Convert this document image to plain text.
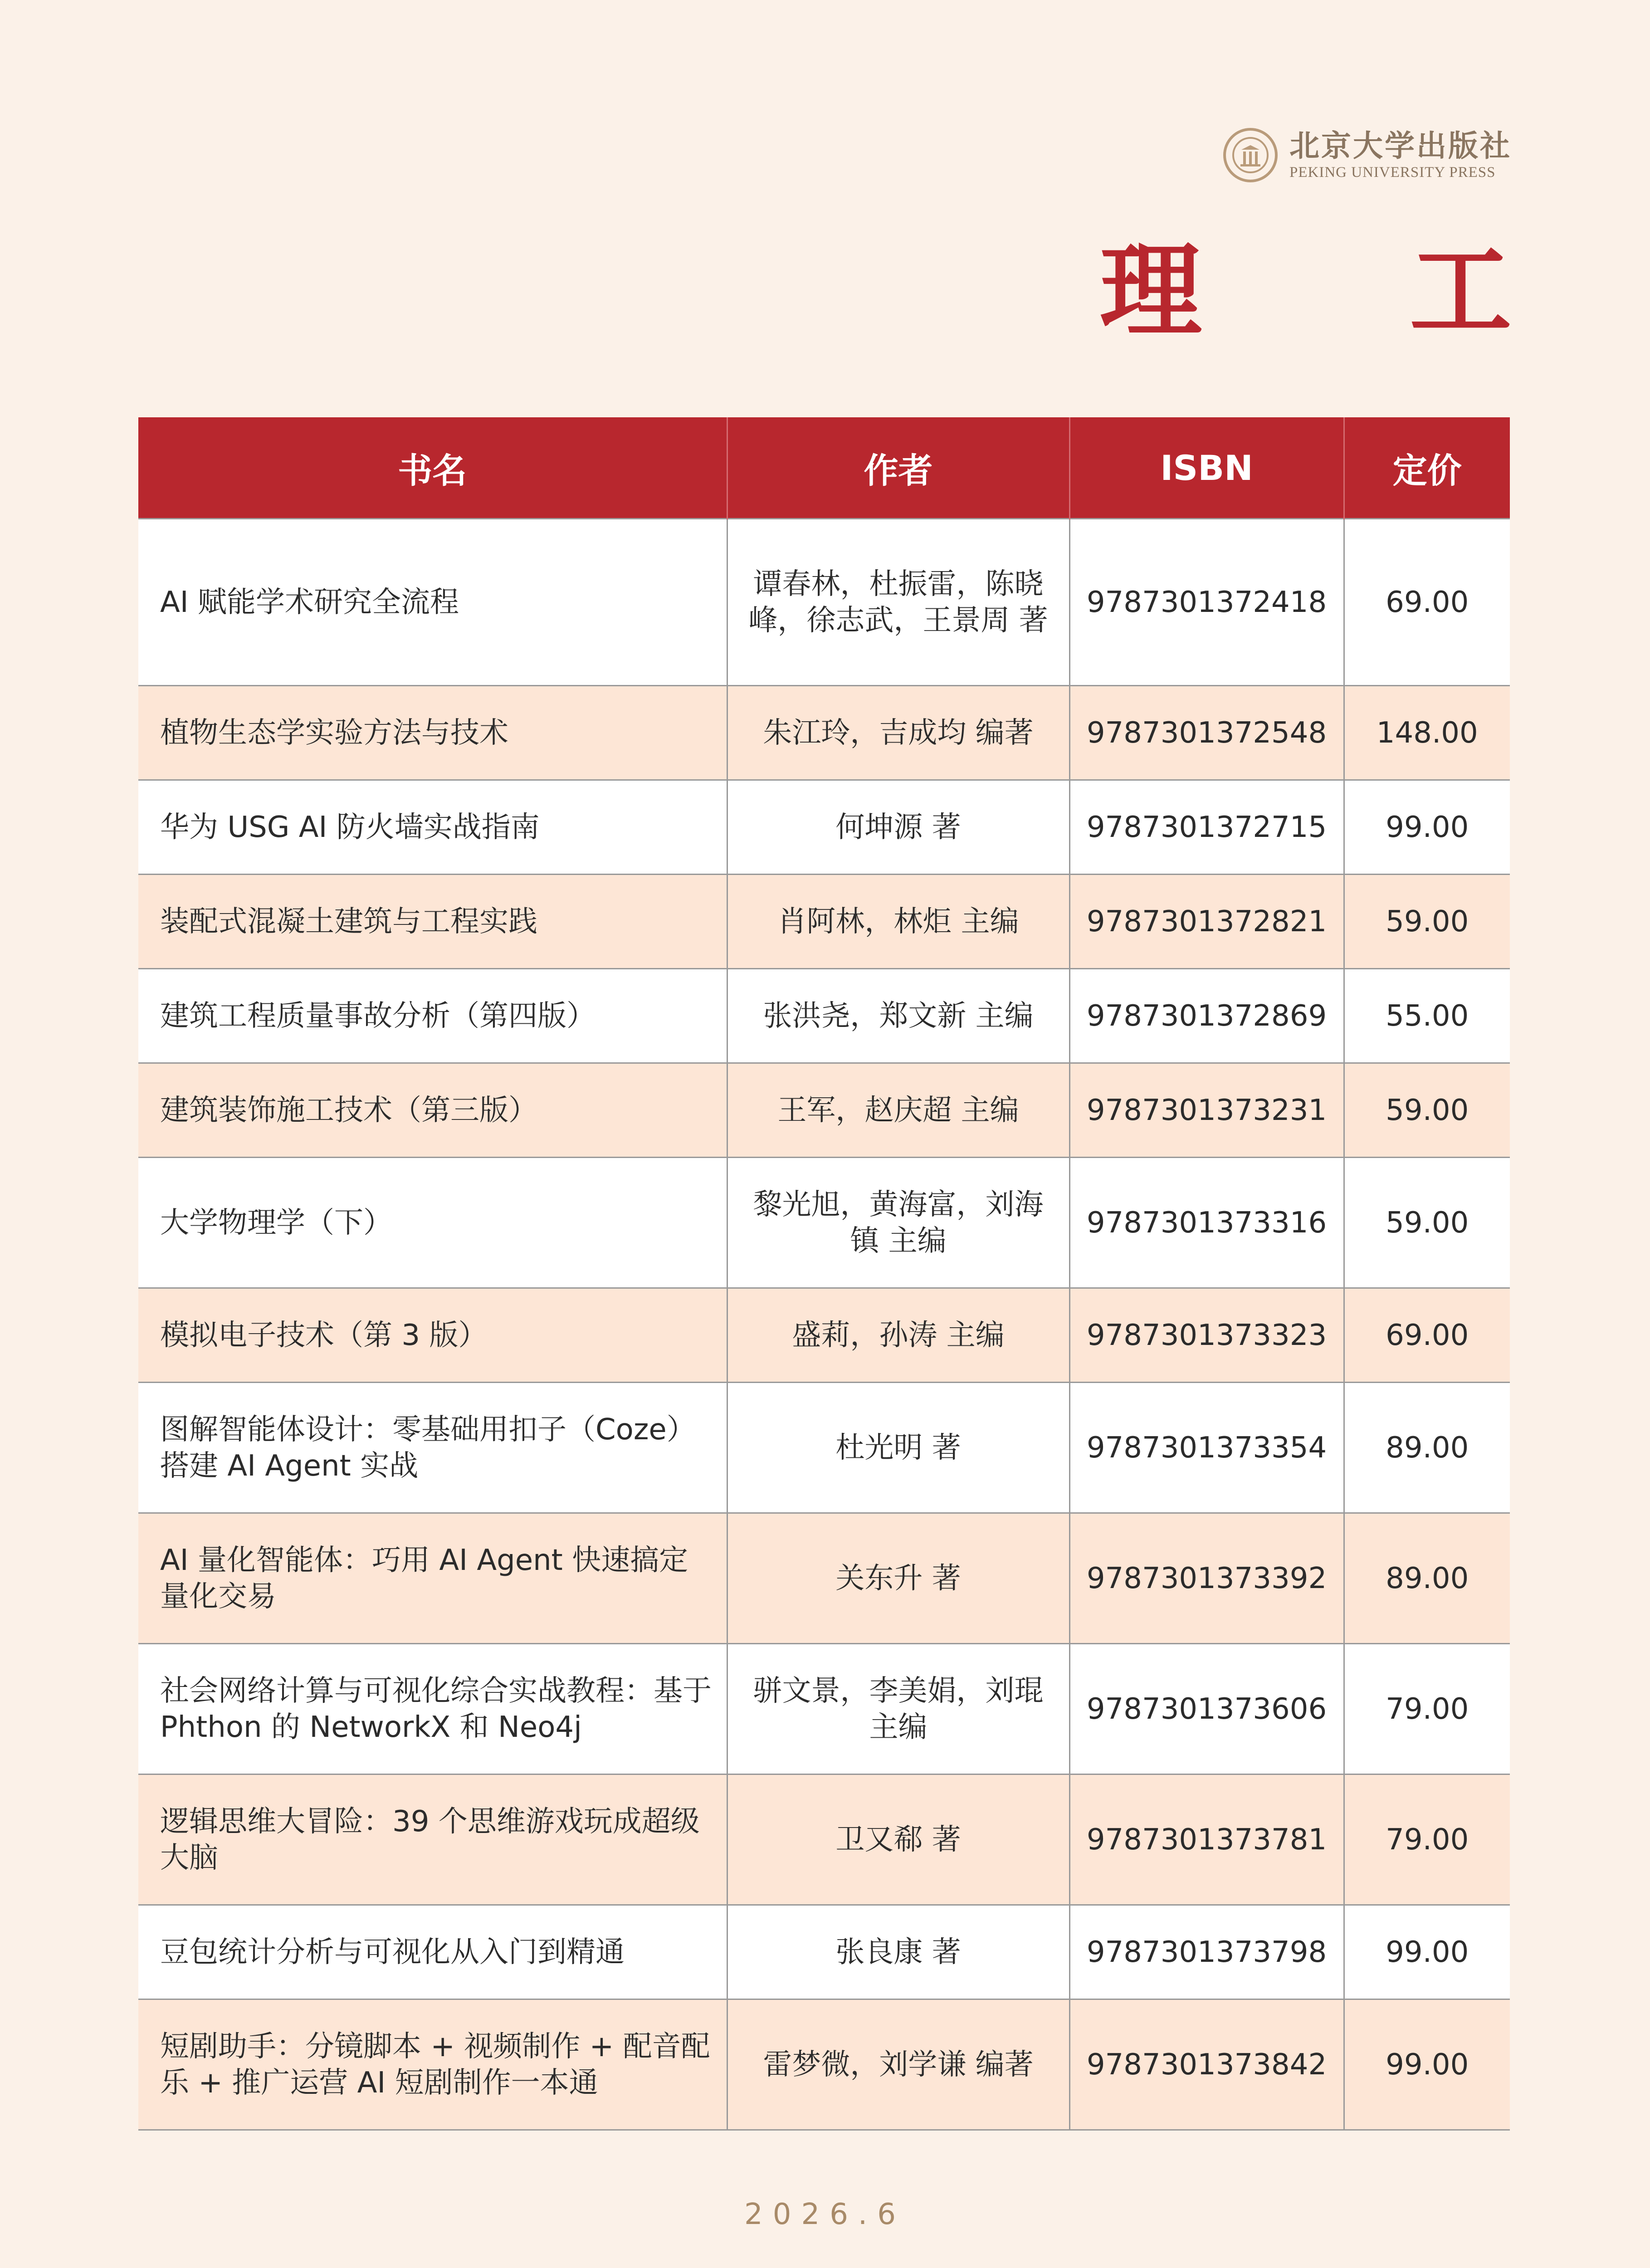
北京大学出版社
PEKING UNIVERSITY PRESS
理 工
书名	作者	ISBN	定价
AI 赋能学术研究全流程	谭春林，杜振雷，陈晓峰，徐志武，王景周 著	9787301372418	69.00
植物生态学实验方法与技术	朱江玲，吉成均 编著	9787301372548	148.00
华为 USG AI 防火墙实战指南	何坤源 著	9787301372715	99.00
装配式混凝土建筑与工程实践	肖阿林，林炬 主编	9787301372821	59.00
建筑工程质量事故分析（第四版）	张洪尧，郑文新 主编	9787301372869	55.00
建筑装饰施工技术（第三版）	王军，赵庆超 主编	9787301373231	59.00
大学物理学（下）	黎光旭，黄海富，刘海镇 主编	9787301373316	59.00
模拟电子技术（第 3 版）	盛莉，孙涛 主编	9787301373323	69.00
图解智能体设计：零基础用扣子（Coze）搭建 AI Agent 实战	杜光明 著	9787301373354	89.00
AI 量化智能体：巧用 AI Agent 快速搞定量化交易	关东升 著	9787301373392	89.00
社会网络计算与可视化综合实战教程：基于 Phthon 的 NetworkX 和 Neo4j	骈文景，李美娟，刘琨 主编	9787301373606	79.00
逻辑思维大冒险：39 个思维游戏玩成超级大脑	卫又郗 著	9787301373781	79.00
豆包统计分析与可视化从入门到精通	张良康 著	9787301373798	99.00
短剧助手：分镜脚本 + 视频制作 + 配音配乐 + 推广运营 AI 短剧制作一本通	雷梦微，刘学谦 编著	9787301373842	99.00
2026.6
